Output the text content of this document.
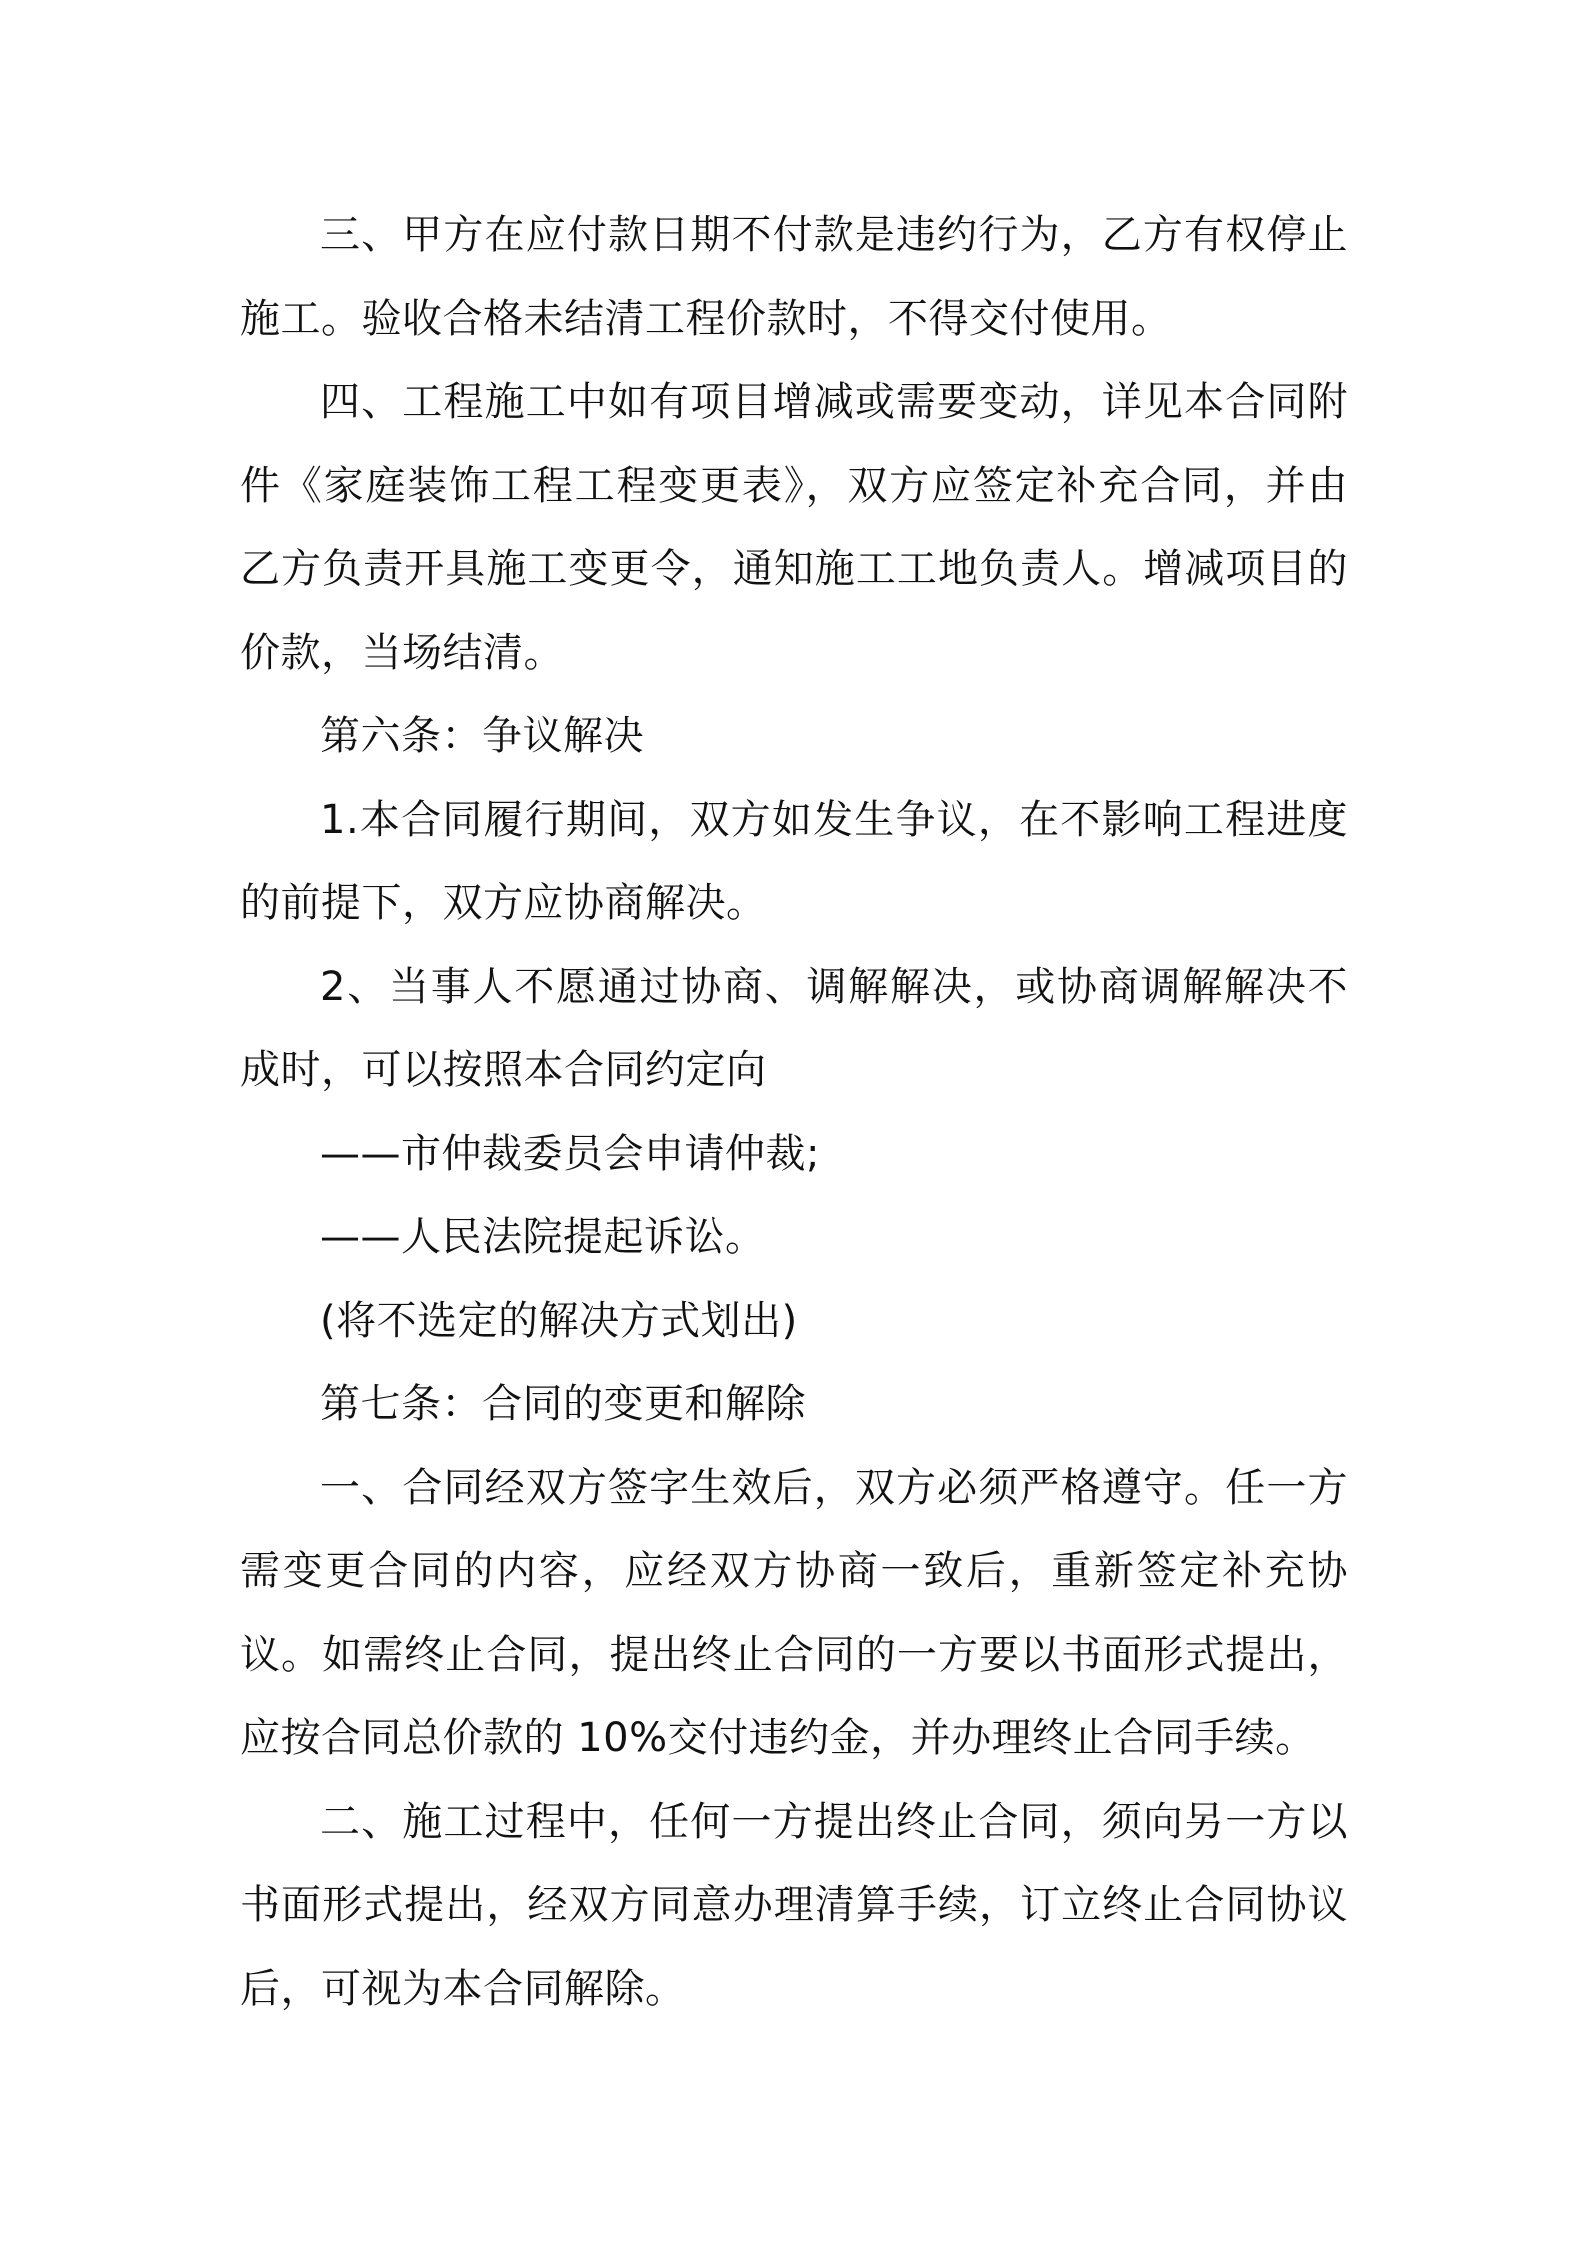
三、甲方在应付款日期不付款是违约行为，乙方有权停止施工。验收合格未结清工程价款时，不得交付使用。

四、工程施工中如有项目增减或需要变动，详见本合同附件《家庭装饰工程工程变更表》，双方应签定补充合同，并由乙方负责开具施工变更令，通知施工工地负责人。增减项目的价款，当场结清。

第六条：争议解决

1.本合同履行期间，双方如发生争议，在不影响工程进度的前提下，双方应协商解决。

2、当事人不愿通过协商、调解解决，或协商调解解决不成时，可以按照本合同约定向

——市仲裁委员会申请仲裁;

——人民法院提起诉讼。

(将不选定的解决方式划出)

第七条：合同的变更和解除

一、合同经双方签字生效后，双方必须严格遵守。任一方需变更合同的内容，应经双方协商一致后，重新签定补充协议。如需终止合同，提出终止合同的一方要以书面形式提出，应按合同总价款的 10%交付违约金，并办理终止合同手续。

二、施工过程中，任何一方提出终止合同，须向另一方以书面形式提出，经双方同意办理清算手续，订立终止合同协议后，可视为本合同解除。
